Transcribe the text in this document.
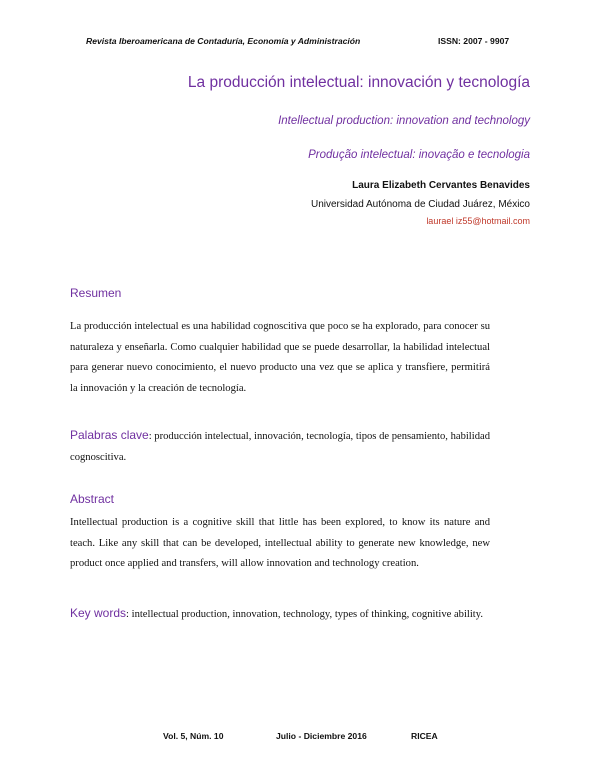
Revista Iberoamericana de Contaduría, Economía y Administración	ISSN: 2007 - 9907
La producción intelectual: innovación y tecnología
Intellectual production: innovation and technology
Produção intelectual: inovação e tecnologia
Laura Elizabeth Cervantes Benavides
Universidad Autónoma de Ciudad Juárez, México
laurael iz55@hotmail.com
Resumen
La producción intelectual es una habilidad cognoscitiva que poco se ha explorado, para conocer su naturaleza y enseñarla. Como cualquier habilidad que se puede desarrollar, la habilidad intelectual para generar nuevo conocimiento, el nuevo producto una vez que se aplica y transfiere, permitirá la innovación y la creación de tecnología.
Palabras clave: producción intelectual, innovación, tecnología, tipos de pensamiento, habilidad cognoscitiva.
Abstract
Intellectual production is a cognitive skill that little has been explored, to know its nature and teach. Like any skill that can be developed, intellectual ability to generate new knowledge, new product once applied and transfers, will allow innovation and technology creation.
Key words: intellectual production, innovation, technology, types of thinking, cognitive ability.
Vol. 5, Núm. 10	Julio - Diciembre 2016	RICEA
